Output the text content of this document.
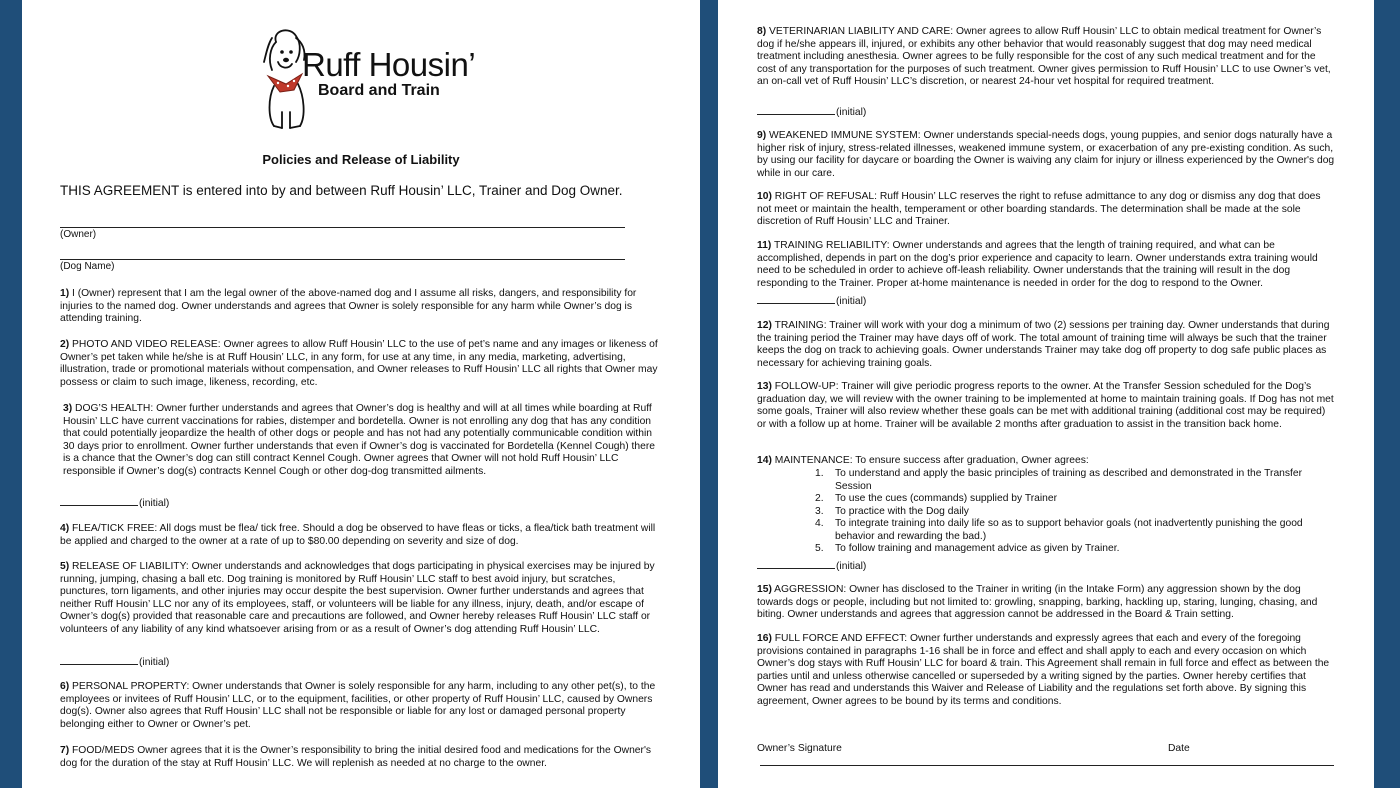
Ruff Housin’
Board and Train
Policies and Release of Liability
THIS AGREEMENT is entered into by and between Ruff Housin’ LLC, Trainer and Dog Owner.
(Owner)
(Dog Name)

1) I (Owner) represent that I am the legal owner of the above-named dog and I assume all risks, dangers, and responsibility for injuries to the named dog. Owner understands and agrees that Owner is solely responsible for any harm while Owner’s dog is attending training.

2) PHOTO AND VIDEO RELEASE: Owner agrees to allow Ruff Housin’ LLC to the use of pet’s name and any images or likeness of Owner’s pet taken while he/she is at Ruff Housin’ LLC, in any form, for use at any time, in any media, marketing, advertising, illustration, trade or promotional materials without compensation, and Owner releases to Ruff Housin’ LLC all rights that Owner may possess or claim to such image, likeness, recording, etc.

3) DOG’S HEALTH: Owner further understands and agrees that Owner’s dog is healthy and will at all times while boarding at Ruff Housin’ LLC have current vaccinations for rabies, distemper and bordetella. Owner is not enrolling any dog that has any condition that could potentially jeopardize the health of other dogs or people and has not had any potentially communicable condition within 30 days prior to enrollment. Owner further understands that even if Owner’s dog is vaccinated for Bordetella (Kennel Cough) there is a chance that the Owner’s dog can still contract Kennel Cough. Owner agrees that Owner will not hold Ruff Housin’ LLC responsible if Owner’s dog(s) contracts Kennel Cough or other dog-dog transmitted ailments.

(initial)

4) FLEA/TICK FREE: All dogs must be flea/ tick free. Should a dog be observed to have fleas or ticks, a flea/tick bath treatment will be applied and charged to the owner at a rate of up to $80.00 depending on severity and size of dog.

5) RELEASE OF LIABILITY: Owner understands and acknowledges that dogs participating in physical exercises may be injured by running, jumping, chasing a ball etc. Dog training is monitored by Ruff Housin’ LLC staff to best avoid injury, but scratches, punctures, torn ligaments, and other injuries may occur despite the best supervision. Owner further understands and agrees that neither Ruff Housin’ LLC nor any of its employees, staff, or volunteers will be liable for any illness, injury, death, and/or escape of Owner’s dog(s) provided that reasonable care and precautions are followed, and Owner hereby releases Ruff Housin’ LLC staff or volunteers of any liability of any kind whatsoever arising from or as a result of Owner’s dog attending Ruff Housin’ LLC.

(initial)

6) PERSONAL PROPERTY: Owner understands that Owner is solely responsible for any harm, including to any other pet(s), to the employees or invitees of Ruff Housin’ LLC, or to the equipment, facilities, or other property of Ruff Housin’ LLC, caused by Owners dog(s). Owner also agrees that Ruff Housin’ LLC shall not be responsible or liable for any lost or damaged personal property belonging either to Owner or Owner’s pet.

7) FOOD/MEDS Owner agrees that it is the Owner’s responsibility to bring the initial desired food and medications for the Owner's dog for the duration of the stay at Ruff Housin’ LLC. We will replenish as needed at no charge to the owner.

8) VETERINARIAN LIABILITY AND CARE: Owner agrees to allow Ruff Housin’ LLC to obtain medical treatment for Owner’s dog if he/she appears ill, injured, or exhibits any other behavior that would reasonably suggest that dog may need medical treatment including anesthesia. Owner agrees to be fully responsible for the cost of any such medical treatment and for the cost of any transportation for the purposes of such treatment. Owner gives permission to Ruff Housin’ LLC to use Owner’s vet, an on-call vet of Ruff Housin’ LLC’s discretion, or nearest 24-hour vet hospital for required treatment.

(initial)

9) WEAKENED IMMUNE SYSTEM: Owner understands special-needs dogs, young puppies, and senior dogs naturally have a higher risk of injury, stress-related illnesses, weakened immune system, or exacerbation of any pre-existing condition. As such, by using our facility for daycare or boarding the Owner is waiving any claim for injury or illness experienced by the Owner's dog while in our care.

10) RIGHT OF REFUSAL: Ruff Housin’ LLC reserves the right to refuse admittance to any dog or dismiss any dog that does not meet or maintain the health, temperament or other boarding standards. The determination shall be made at the sole discretion of Ruff Housin’ LLC and Trainer.

11) TRAINING RELIABILITY: Owner understands and agrees that the length of training required, and what can be accomplished, depends in part on the dog’s prior experience and capacity to learn. Owner understands extra training would need to be scheduled in order to achieve off-leash reliability. Owner understands that the training will result in the dog responding to the Trainer. Proper at-home maintenance is needed in order for the dog to respond to the Owner.

(initial)

12) TRAINING: Trainer will work with your dog a minimum of two (2) sessions per training day. Owner understands that during the training period the Trainer may have days off of work. The total amount of training time will always be such that the trainer keeps the dog on track to achieving goals. Owner understands Trainer may take dog off property to dog safe public places as necessary for achieving training goals.

13) FOLLOW-UP: Trainer will give periodic progress reports to the owner. At the Transfer Session scheduled for the Dog’s graduation day, we will review with the owner training to be implemented at home to maintain training goals. If Dog has not met some goals, Trainer will also review whether these goals can be met with additional training (additional cost may be required) or with a follow up at home. Trainer will be available 2 months after graduation to assist in the transition back home.

14) MAINTENANCE: To ensure success after graduation, Owner agrees:

1. To understand and apply the basic principles of training as described and demonstrated in the Transfer Session
2. To use the cues (commands) supplied by Trainer
3. To practice with the Dog daily
4. To integrate training into daily life so as to support behavior goals (not inadvertently punishing the good behavior and rewarding the bad.)
5. To follow training and management advice as given by Trainer.
(initial)

15) AGGRESSION: Owner has disclosed to the Trainer in writing (in the Intake Form) any aggression shown by the dog towards dogs or people, including but not limited to: growling, snapping, barking, hackling up, staring, lunging, chasing, and biting. Owner understands and agrees that aggression cannot be addressed in the Board & Train setting.

16) FULL FORCE AND EFFECT: Owner further understands and expressly agrees that each and every of the foregoing provisions contained in paragraphs 1-16 shall be in force and effect and shall apply to each and every occasion on which Owner’s dog stays with Ruff Housin’ LLC for board & train. This Agreement shall remain in full force and effect as between the parties until and unless otherwise cancelled or superseded by a writing signed by the parties. Owner hereby certifies that Owner has read and understands this Waiver and Release of Liability and the regulations set forth above. By signing this agreement, Owner agrees to be bound by its terms and conditions.

Owner’s Signature	Date
